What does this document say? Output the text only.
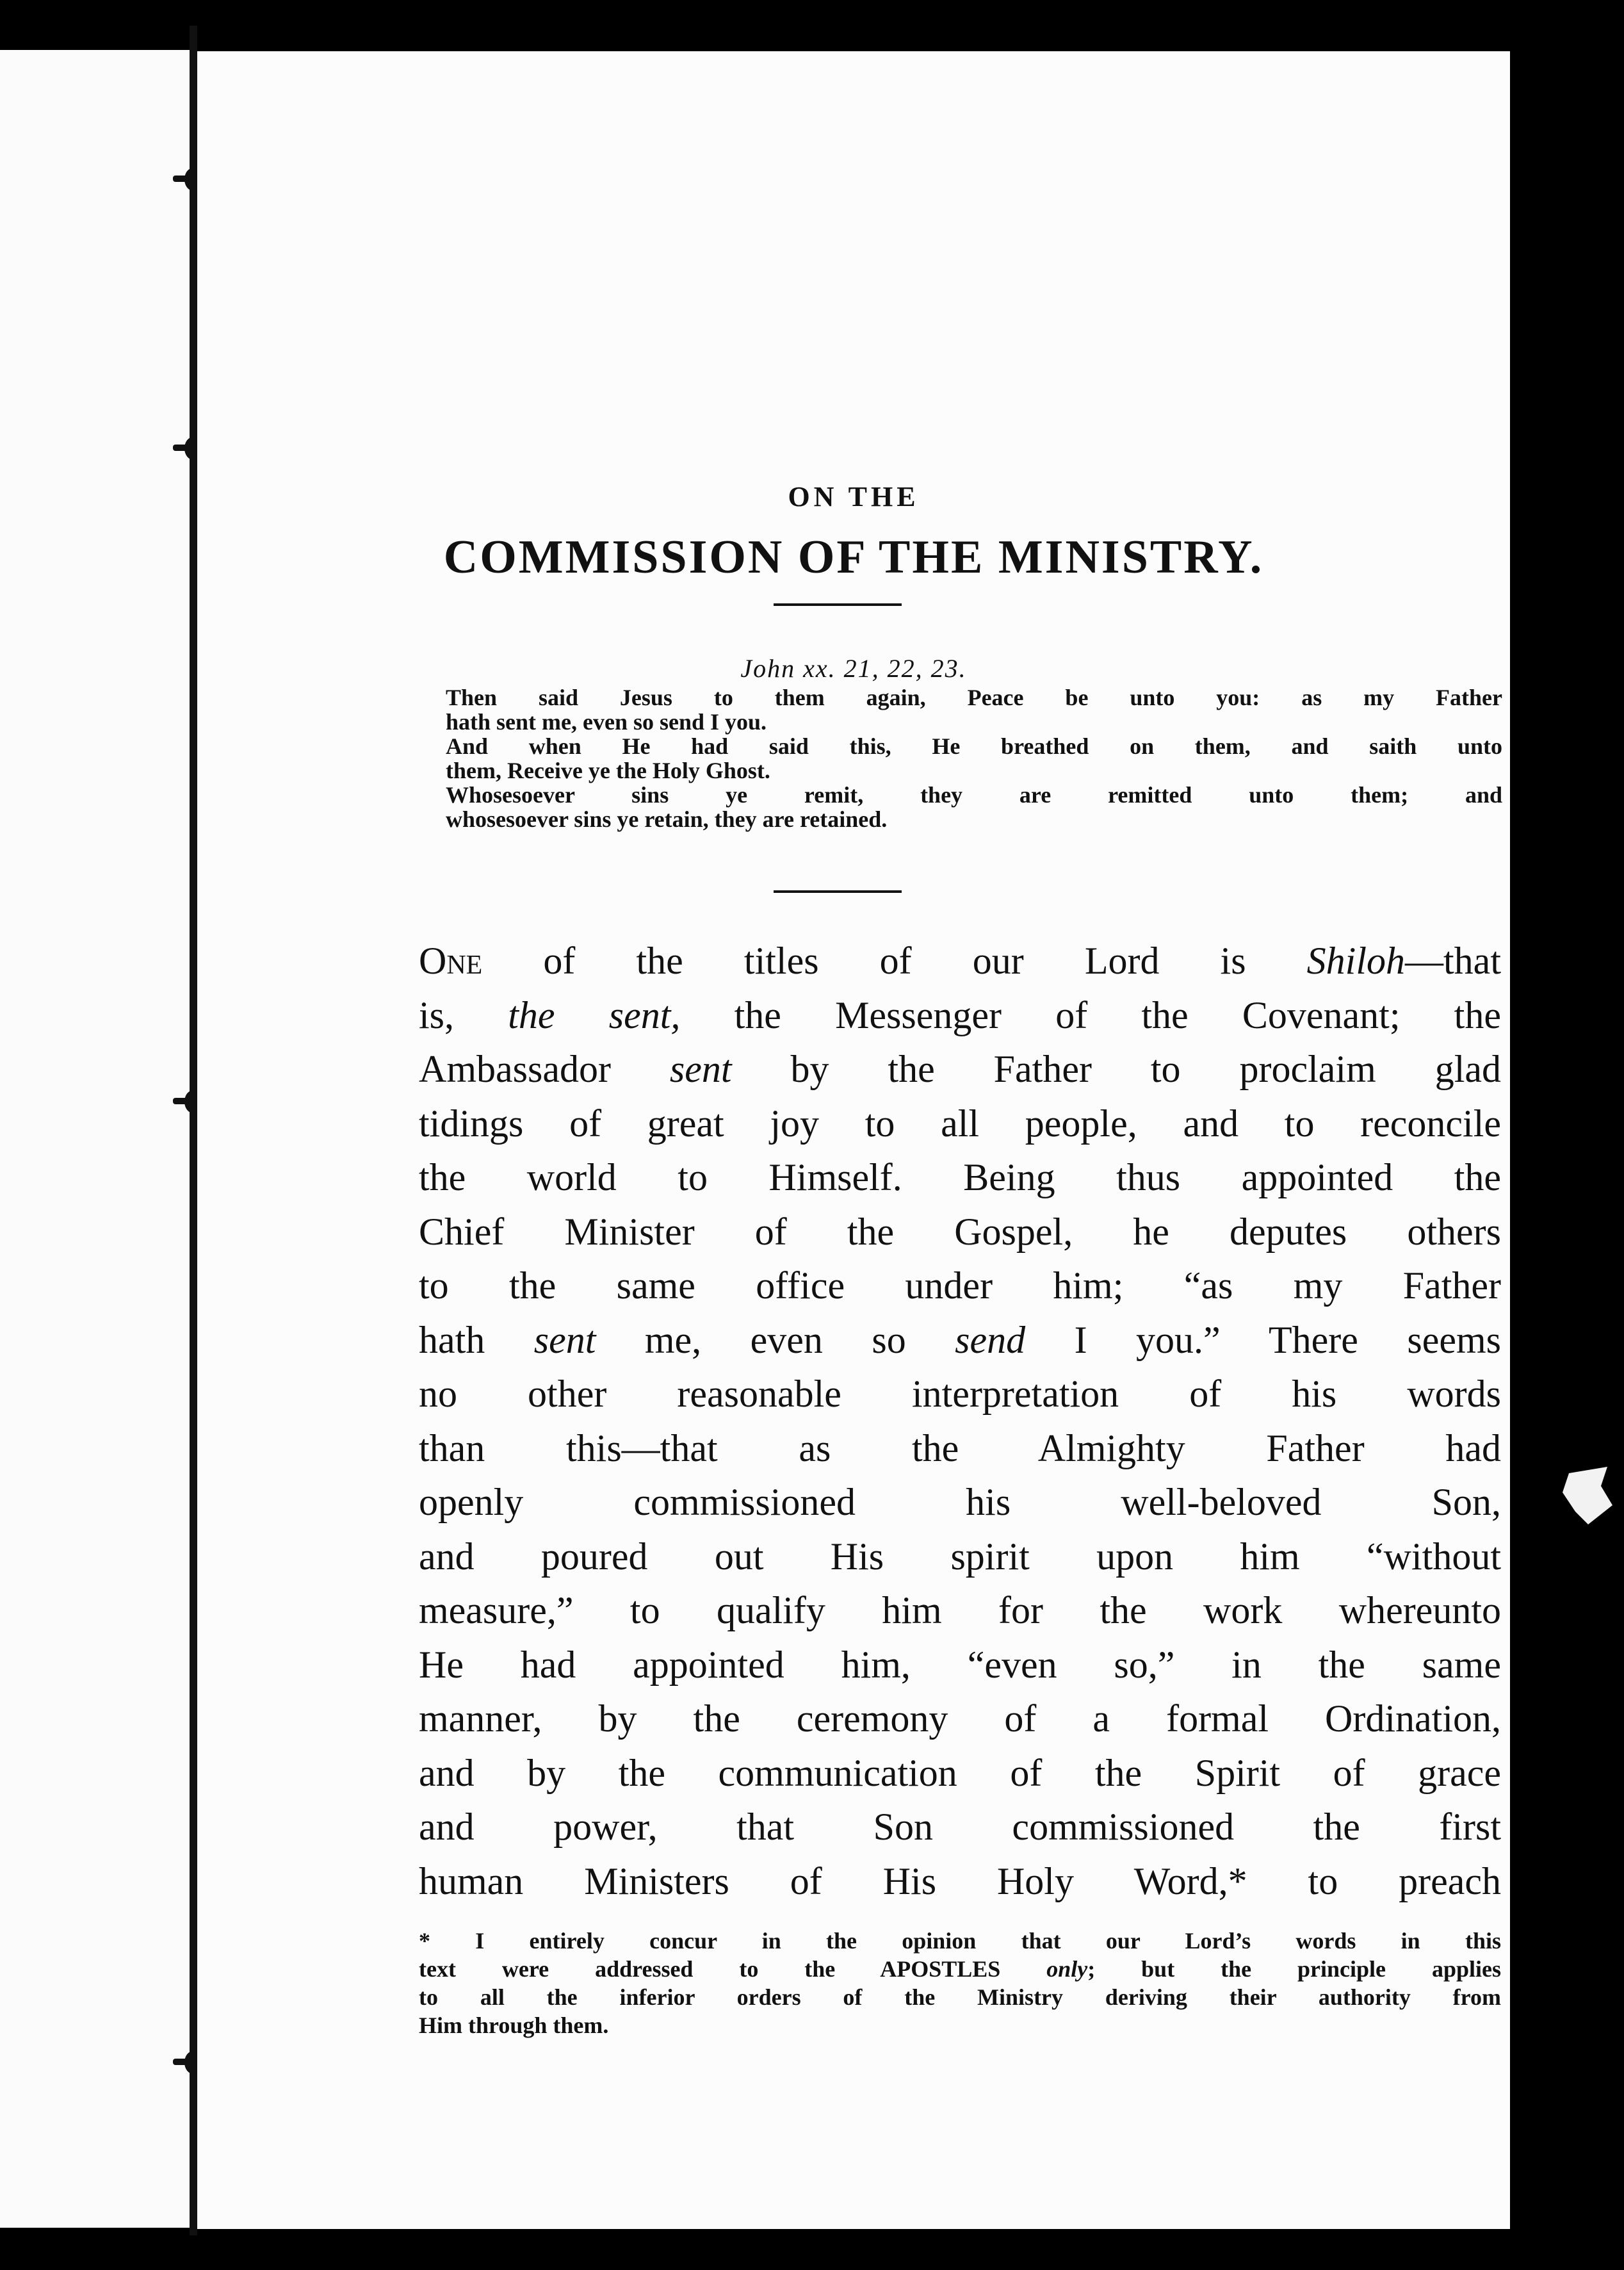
ON THE
COMMISSION OF THE MINISTRY.
John xx. 21, 22, 23.

Then said Jesus to them again, Peace be unto you: as my Father
hath sent me, even so send I you.

And when He had said this, He breathed on them, and saith unto
them, Receive ye the Holy Ghost.

Whosesoever sins ye remit, they are remitted unto them; and
whosesoever sins ye retain, they are retained.

One of the titles of our Lord is Shiloh—that
is, the sent, the Messenger of the Covenant; the
Ambassador sent by the Father to proclaim glad
tidings of great joy to all people, and to reconcile
the world to Himself. Being thus appointed the
Chief Minister of the Gospel, he deputes others
to the same office under him; “as my Father
hath sent me, even so send I you.” There seems
no other reasonable interpretation of his words
than this—that as the Almighty Father had
openly commissioned his well-beloved Son,
and poured out His spirit upon him “without
measure,” to qualify him for the work whereunto
He had appointed him, “even so,” in the same
manner, by the ceremony of a formal Ordination,
and by the communication of the Spirit of grace
and power, that Son commissioned the first
human Ministers of His Holy Word,* to preach
* I entirely concur in the opinion that our Lord’s words in this
text were addressed to the APOSTLES only; but the principle applies
to all the inferior orders of the Ministry deriving their authority from
Him through them.
